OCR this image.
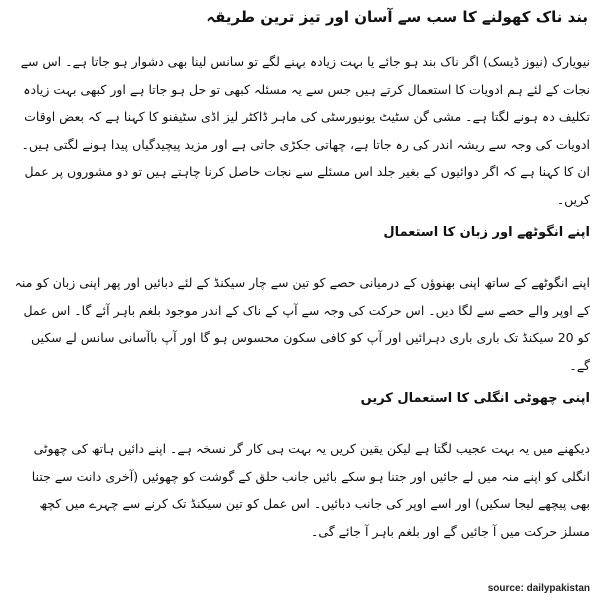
بند ناک کھولنے کا سب سے آسان اور تیز ترین طریقہ

نیویارک (نیوز ڈیسک) اگر ناک بند ہو جائے یا بہت زیادہ بہنے لگے تو سانس لینا بھی دشوار ہو جاتا ہے۔ اس سے نجات کے لئے ہم ادویات کا استعمال کرتے ہیں جس سے یہ مسئلہ کبھی تو حل ہو جاتا ہے اور کبھی بہت زیادہ تکلیف دہ ہونے لگتا ہے۔ مشی گن سٹیٹ یونیورسٹی کی ماہر ڈاکٹر لیز اڈی سٹیفنو کا کہنا ہے کہ بعض اوقات ادویات کی وجہ سے ریشہ اندر کی رہ جاتا ہے، چھاتی جکڑی جاتی ہے اور مزید پیچیدگیاں پیدا ہونے لگتی ہیں۔ ان کا کہنا ہے کہ اگر دوائیوں کے بغیر جلد اس مسئلے سے نجات حاصل کرنا چاہتے ہیں تو دو مشوروں پر عمل کریں۔

اپنے انگوٹھے اور زبان کا استعمال

اپنے انگوٹھے کے ساتھ اپنی بھنوؤں کے درمیانی حصے کو تین سے چار سیکنڈ کے لئے دبائیں اور پھر اپنی زبان کو منہ کے اوپر والے حصے سے لگا دیں۔ اس حرکت کی وجہ سے آپ کے ناک کے اندر موجود بلغم باہر آئے گا۔ اس عمل کو 20 سیکنڈ تک باری باری دہرائیں اور آپ کو کافی سکون محسوس ہو گا اور آپ باآسانی سانس لے سکیں گے۔

اپنی چھوٹی انگلی کا استعمال کریں

دیکھنے میں یہ بہت عجیب لگتا ہے لیکن یقین کریں یہ بہت ہی کار گر نسخہ ہے۔ اپنے دائیں ہاتھ کی چھوٹی انگلی کو اپنے منہ میں لے جائیں اور جتنا ہو سکے بائیں جانب حلق کے گوشت کو چھوئیں (آخری دانت سے جتنا بھی پیچھے لیجا سکیں) اور اسے اوپر کی جانب دبائیں۔ اس عمل کو تین سیکنڈ تک کرنے سے چہرے میں کچھ مسلز حرکت میں آ جائیں گے اور بلغم باہر آ جائے گی۔

source: dailypakistan
